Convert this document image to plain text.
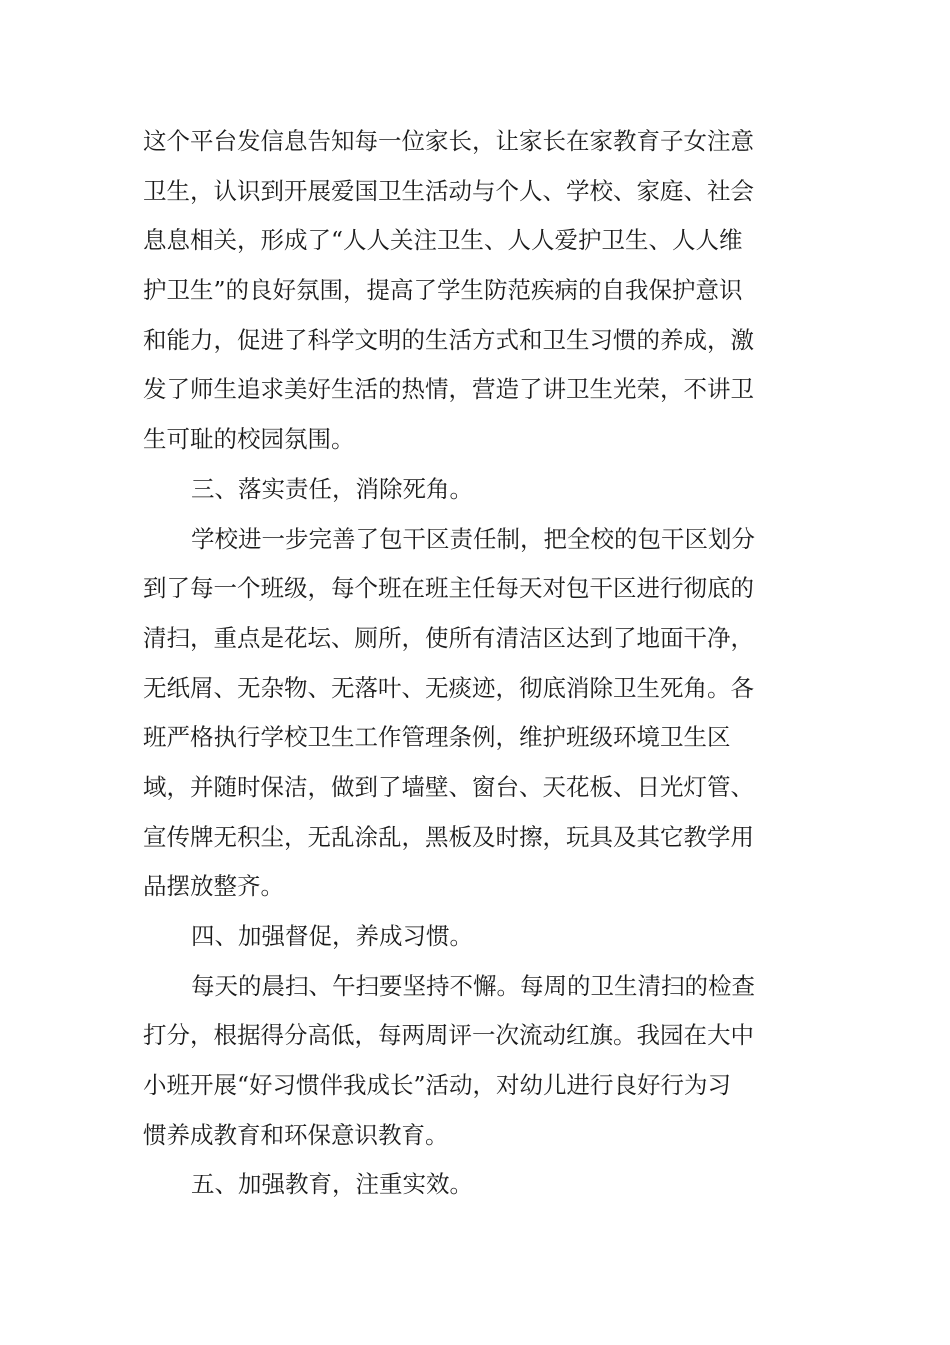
这个平台发信息告知每一位家长，让家长在家教育子女注意
卫生，认识到开展爱国卫生活动与个人、学校、家庭、社会
息息相关，形成了“人人关注卫生、人人爱护卫生、人人维
护卫生”的良好氛围，提高了学生防范疾病的自我保护意识
和能力，促进了科学文明的生活方式和卫生习惯的养成，激
发了师生追求美好生活的热情，营造了讲卫生光荣，不讲卫
生可耻的校园氛围。
三、落实责任，消除死角。
学校进一步完善了包干区责任制，把全校的包干区划分
到了每一个班级，每个班在班主任每天对包干区进行彻底的
清扫，重点是花坛、厕所，使所有清洁区达到了地面干净，
无纸屑、无杂物、无落叶、无痰迹，彻底消除卫生死角。各
班严格执行学校卫生工作管理条例，维护班级环境卫生区
域，并随时保洁，做到了墙壁、窗台、天花板、日光灯管、
宣传牌无积尘，无乱涂乱，黑板及时擦，玩具及其它教学用
品摆放整齐。
四、加强督促，养成习惯。
每天的晨扫、午扫要坚持不懈。每周的卫生清扫的检查
打分，根据得分高低，每两周评一次流动红旗。我园在大中
小班开展“好习惯伴我成长”活动，对幼儿进行良好行为习
惯养成教育和环保意识教育。
五、加强教育，注重实效。
